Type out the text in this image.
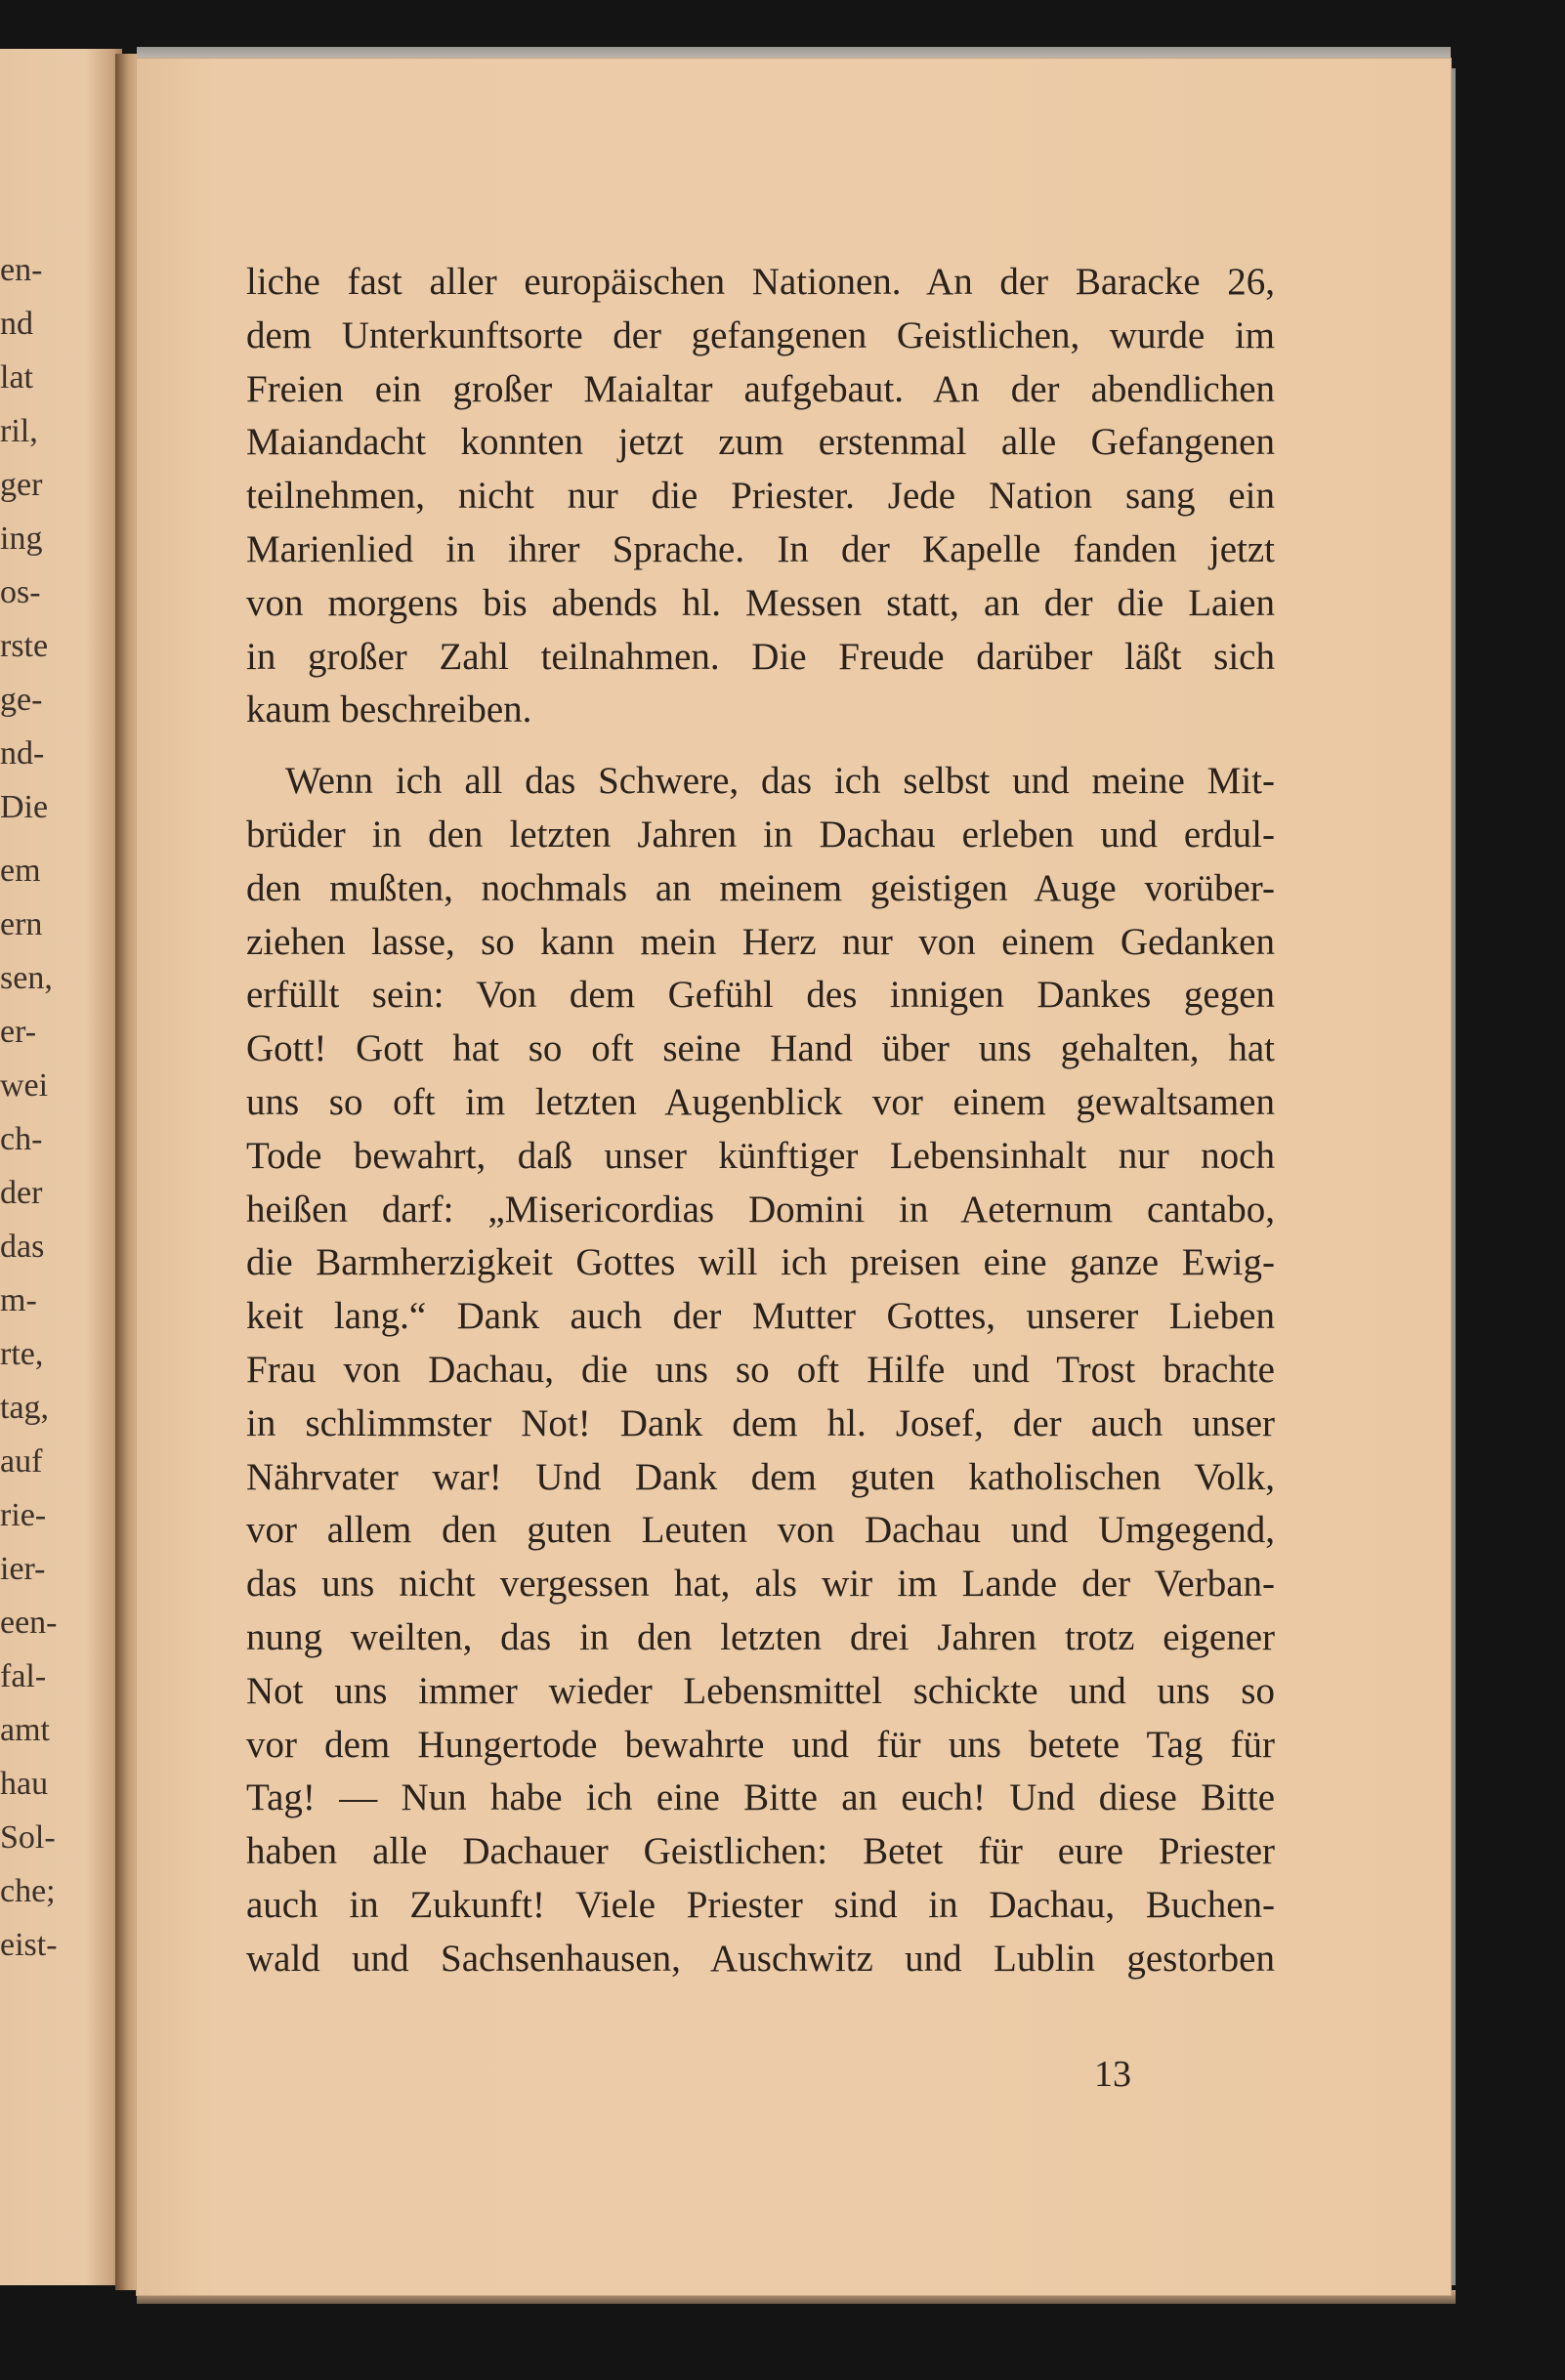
en-
nd
lat
ril,
ger
ing
os-
rste
ge-
nd-
Die
em
ern
sen,
er-
wei
ch-
der
das
m-
rte,
tag,
auf
rie-
ier-
een-
fal-
amt
hau
Sol-
che;
eist-
liche fast aller europäischen Nationen. An der Baracke 26,
dem Unterkunftsorte der gefangenen Geistlichen, wurde im
Freien ein großer Maialtar aufgebaut. An der abendlichen
Maiandacht konnten jetzt zum erstenmal alle Gefangenen
teilnehmen, nicht nur die Priester. Jede Nation sang ein
Marienlied in ihrer Sprache. In der Kapelle fanden jetzt
von morgens bis abends hl. Messen statt, an der die Laien
in großer Zahl teilnahmen. Die Freude darüber läßt sich
kaum beschreiben.
Wenn ich all das Schwere, das ich selbst und meine Mit-
brüder in den letzten Jahren in Dachau erleben und erdul-
den mußten, nochmals an meinem geistigen Auge vorüber-
ziehen lasse, so kann mein Herz nur von einem Gedanken
erfüllt sein: Von dem Gefühl des innigen Dankes gegen
Gott! Gott hat so oft seine Hand über uns gehalten, hat
uns so oft im letzten Augenblick vor einem gewaltsamen
Tode bewahrt, daß unser künftiger Lebensinhalt nur noch
heißen darf: „Misericordias Domini in Aeternum cantabo,
die Barmherzigkeit Gottes will ich preisen eine ganze Ewig-
keit lang.“ Dank auch der Mutter Gottes, unserer Lieben
Frau von Dachau, die uns so oft Hilfe und Trost brachte
in schlimmster Not! Dank dem hl. Josef, der auch unser
Nährvater war! Und Dank dem guten katholischen Volk,
vor allem den guten Leuten von Dachau und Umgegend,
das uns nicht vergessen hat, als wir im Lande der Verban-
nung weilten, das in den letzten drei Jahren trotz eigener
Not uns immer wieder Lebensmittel schickte und uns so
vor dem Hungertode bewahrte und für uns betete Tag für
Tag! — Nun habe ich eine Bitte an euch! Und diese Bitte
haben alle Dachauer Geistlichen: Betet für eure Priester
auch in Zukunft! Viele Priester sind in Dachau, Buchen-
wald und Sachsenhausen, Auschwitz und Lublin gestorben
13
